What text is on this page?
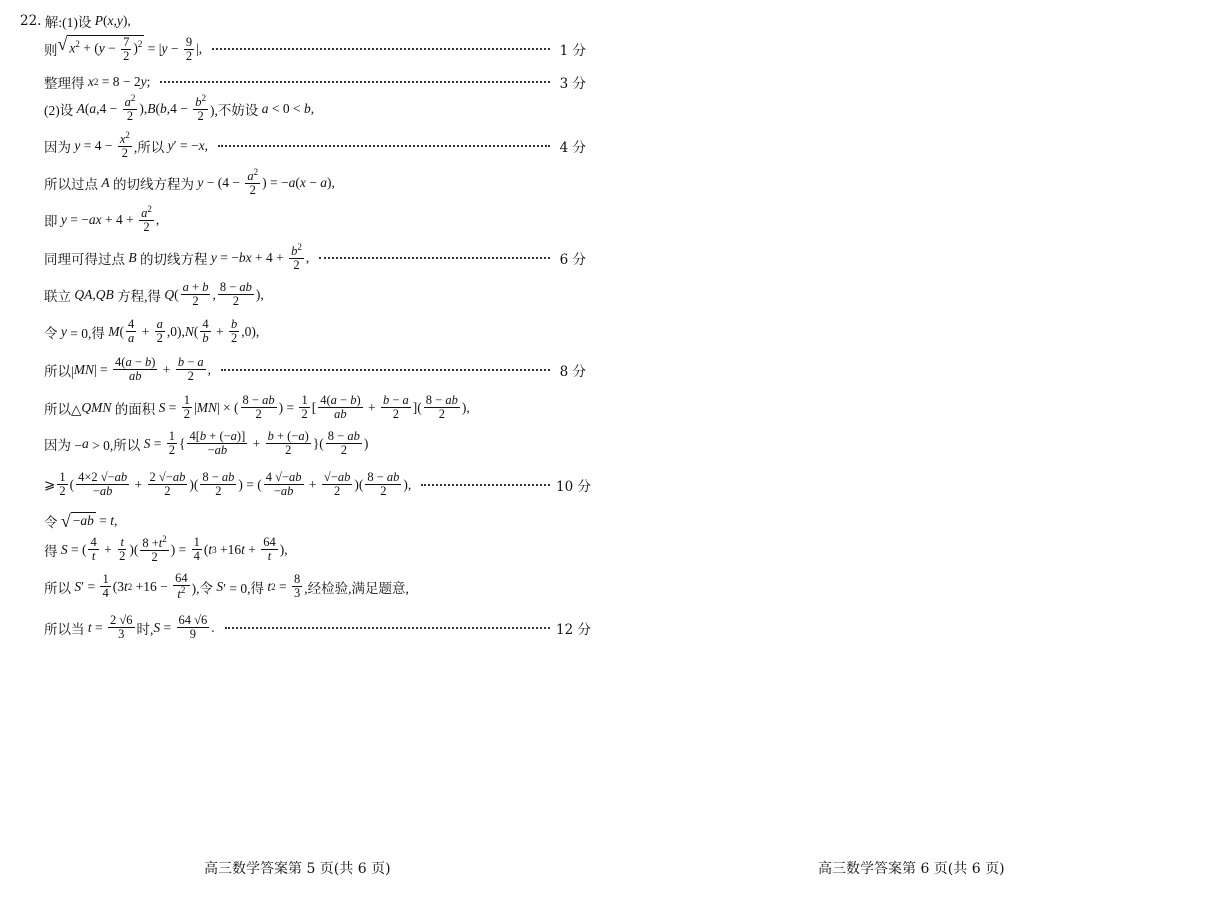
22. 解:(1)设 P ( x , y ),
则 √ $x^2 + (y - \frac{7}{2} )^2$ = | $y - \frac{9}{2}$ |,	1 分
整理得 x 2 = 8 − 2 y ;	3 分
(2)设 A ( a $,4 - \frac{a^2}{2}$ ), B ( b $,4 - \frac{b^2}{2}$ ),不妨设 a < 0 < b ,
因为 $y = 4 - \frac{x^2}{2}$ ,所以 y ′ = − x ,	4 分
所以过点 A 的切线方程为 $y - (4 - \frac{a^2}{2}$ ) = − a ( x − a ),
即 y = − ax + $4 + \frac{a^2}{2}$ ,
同理可得过点 B 的切线方程 y = − bx + $4 + \frac{b^2}{2}$ ,	6 分
联立 QA , QB 方程,得 Q ( $\frac{a + b}{2}$ , $\frac{8 - ab}{2}$ ),
令 y = 0,得 M ( $\frac{4}{a} + \frac{a}{2} ,0$), N ( $\frac{4}{b} + \frac{b}{2} ,0$),
所以| MN | = $\frac{4(a - b)}{ab} + \frac{b - a}{2}$ ,	8 分
所以△ QMN 的面积 $S = \frac{1}{2}$ | MN | × ( $\frac{8 - ab}{2}$ ) = $\frac{1}{2}$ [ $\frac{4(a - b)}{ab} + \frac{b - a}{2}$ ]( $\frac{8 - ab}{2}$ ),
因为 − a > 0,所以 $S = \frac{1}{2}$ { $\frac{4[b + (-a)]}{-ab} + \frac{b + (-a)}{2}$ }( $\frac{8 - ab}{2}$ )
⩾ $\frac{1}{2}$ ( $\frac{4\times 2 √-ab}{-ab} + \frac{2 √-ab}{2}$ )( $\frac{8 - ab}{2}$ ) = ( $\frac{4 √-ab}{-ab} + \frac{√-ab}{2}$ )( $\frac{8 - ab}{2}$ ),	10 分
令 √ −ab = t ,
得 S = ( $\frac{4}{t} + \frac{t}{2}$ )( $\frac{8 +t^2}{2}$ ) = $\frac{1}{4}$ ( t 3 +16 $t + \frac{64}{t}$ ),
所以 S ′ = $\frac{1}{4} (3$ t $2 +16 - \frac{64}{t^2}$ ),令 S ′ = 0,得 t $2 = \frac{8}{3}$ ,经检验,满足题意,
所以当 $t = \frac{2 √6}{3}$ 时, $S = \frac{64 √6}{9}$ .	12 分
高三数学答案第 5 页(共 6 页)	高三数学答案第 6 页(共 6 页)
